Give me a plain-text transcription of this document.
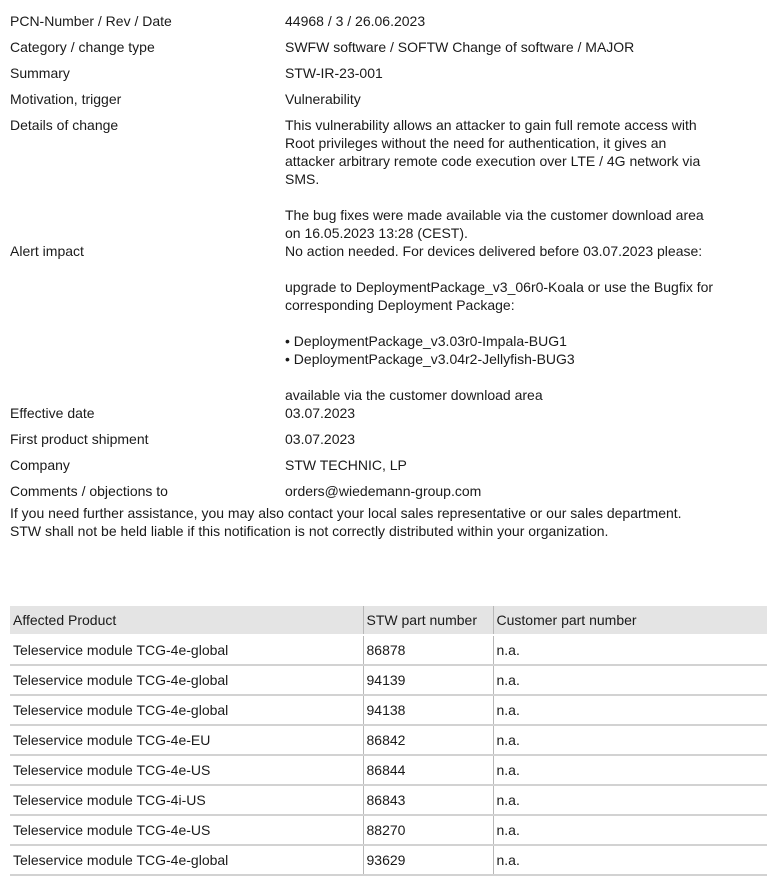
PCN-Number / Rev / Date	44968 / 3 / 26.06.2023
Category / change type	SWFW software / SOFTW Change of software / MAJOR
Summary	STW-IR-23-001
Motivation, trigger	Vulnerability
Details of change	This vulnerability allows an attacker to gain full remote access with
Root privileges without the need for authentication, it gives an
attacker arbitrary remote code execution over LTE / 4G network via
SMS.

The bug fixes were made available via the customer download area
on 16.05.2023 13:28 (CEST).
Alert impact	No action needed. For devices delivered before 03.07.2023 please:

upgrade to DeploymentPackage_v3_06r0-Koala or use the Bugfix for
corresponding Deployment Package:

• DeploymentPackage_v3.03r0-Impala-BUG1
• DeploymentPackage_v3.04r2-Jellyfish-BUG3

available via the customer download area
Effective date	03.07.2023
First product shipment	03.07.2023
Company	STW TECHNIC, LP
Comments / objections to	orders@wiedemann-group.com
If you need further assistance, you may also contact your local sales representative or our sales department.
STW shall not be held liable if this notification is not correctly distributed within your organization.
Affected Product	STW part number	Customer part number
Teleservice module TCG-4e-global	86878	n.a.
Teleservice module TCG-4e-global	94139	n.a.
Teleservice module TCG-4e-global	94138	n.a.
Teleservice module TCG-4e-EU	86842	n.a.
Teleservice module TCG-4e-US	86844	n.a.
Teleservice module TCG-4i-US	86843	n.a.
Teleservice module TCG-4e-US	88270	n.a.
Teleservice module TCG-4e-global	93629	n.a.
